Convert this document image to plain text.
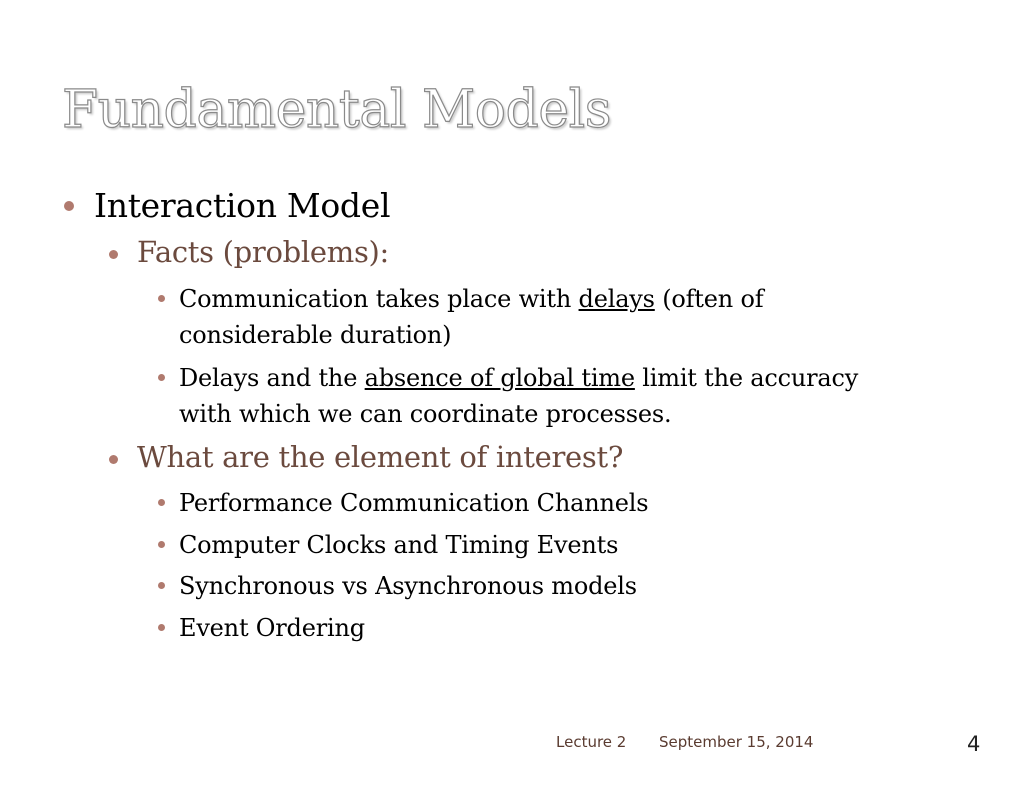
Fundamental Models
Interaction Model
Facts (problems):
Communication takes place with delays (often of
considerable duration)
Delays and the absence of global time limit the accuracy
with which we can coordinate processes.
What are the element of interest?
Performance Communication Channels
Computer Clocks and Timing Events
Synchronous vs Asynchronous models
Event Ordering
Lecture 2 September 15, 2014	4
